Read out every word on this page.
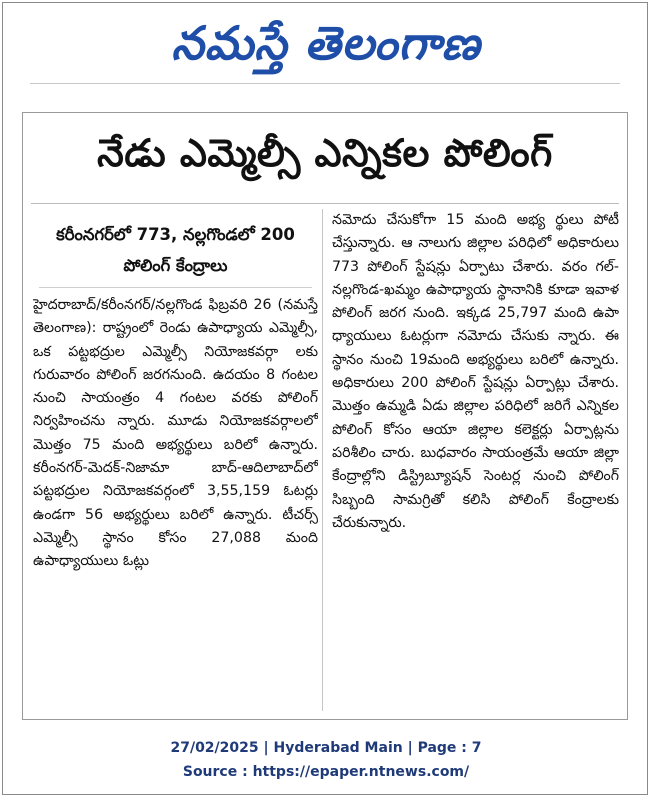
నమస్తే తెలంగాణ
నేడు ఎమ్మెల్సీ ఎన్నికల పోలింగ్
కరీంనగర్‌లో 773, నల్లగొండలో 200 పోలింగ్ కేంద్రాలు

హైదరాబాద్/కరీంనగర్/నల్లగొండ ఫిబ్రవరి 26 (నమస్తే తెలంగాణ): రాష్ట్రంలో రెండు ఉపాధ్యాయ ఎమ్మెల్సీ, ఒక పట్టభద్రుల ఎమ్మెల్సీ నియోజకవర్గా లకు గురువారం పోలింగ్ జరగనుంది. ఉదయం 8 గంటల నుంచి సాయంత్రం 4 గంటల వరకు పోలింగ్ నిర్వహించను న్నారు. మూడు నియోజకవర్గాలలో మొత్తం 75 మంది అభ్యర్థులు బరిలో ఉన్నారు. కరీంనగర్-మెదక్-నిజామా బాద్-ఆదిలాబాద్‌లో పట్టభద్రుల నియోజకవర్గంలో 3,55,159 ఓటర్లు ఉండగా 56 అభ్యర్థులు బరిలో ఉన్నారు. టీచర్స్ ఎమ్మెల్సీ స్థానం కోసం 27,088 మంది ఉపాధ్యాయులు ఓట్లు

నమోదు చేసుకోగా 15 మంది అభ్య ర్థులు పోటీ చేస్తున్నారు. ఆ నాలుగు జిల్లాల పరిధిలో అధికారులు 773 పోలింగ్ స్టేషన్లు ఏర్పాటు చేశారు. వరం గల్-నల్లగొండ-ఖమ్మం ఉపాధ్యాయ స్థానానికి కూడా ఇవాళ పోలింగ్ జరగ నుంది. ఇక్కడ 25,797 మంది ఉపా ధ్యాయులు ఓటర్లుగా నమోదు చేసుకు న్నారు. ఈ స్థానం నుంచి 19మంది అభ్యర్థులు బరిలో ఉన్నారు. అధికారులు 200 పోలింగ్ స్టేషన్లు ఏర్పాట్లు చేశారు. మొత్తం ఉమ్మడి ఏడు జిల్లాల పరిధిలో జరిగే ఎన్నికల పోలింగ్ కోసం ఆయా జిల్లాల కలెక్టర్లు ఏర్పాట్లను పరిశీలిం చారు. బుధవారం సాయంత్రమే ఆయా జిల్లా కేంద్రాల్లోని డిస్ట్రిబ్యూషన్ సెంటర్ల నుంచి పోలింగ్ సిబ్బంది సామగ్రితో కలిసి పోలింగ్ కేంద్రాలకు చేరుకున్నారు.

27/02/2025 | Hyderabad Main | Page : 7
Source : https://epaper.ntnews.com/
